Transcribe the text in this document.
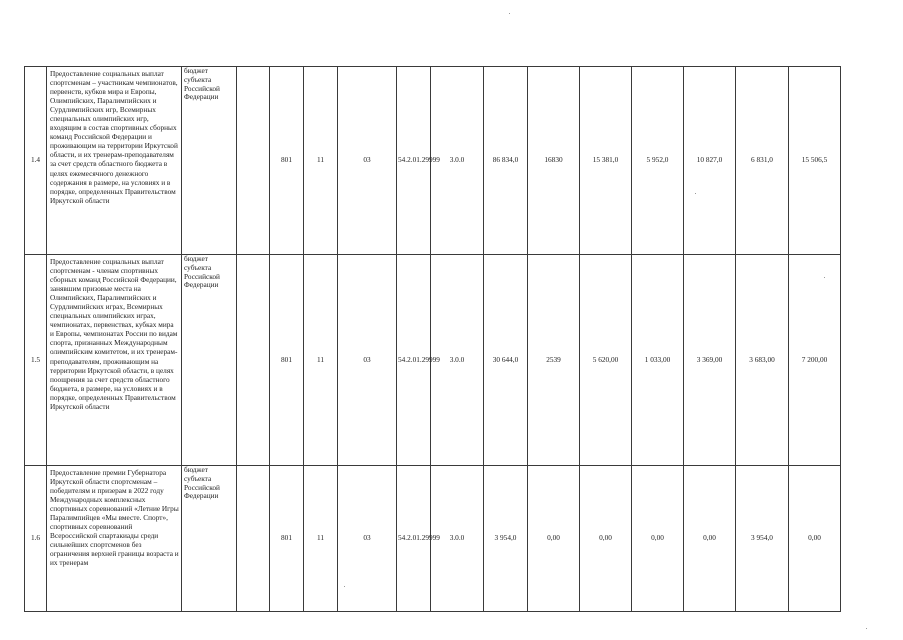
1.4	Предоставление социальных выплат спортсменам – участникам чемпионатов, первенств, кубков мира и Европы, Олимпийских, Паралимпийских и Сурдлимпийских игр, Всемирных специальных олимпийских игр, входящим в состав спортивных сборных команд Российской Федерации и проживающим на территории Иркутской области, и их тренерам-преподавателям за счет средств областного бюджета в целях ежемесячного денежного содержания в размере, на условиях и в порядке, определенных Правительством Иркутской области	бюджет субъекта Российской Федерации		801	11	03	54.2.01.29999	3.0.0	86 834,0	16830	15 381,0	5 952,0	10 827,0	6 831,0	15 506,5	
1.5	Предоставление социальных выплат спортсменам - членам спортивных сборных команд Российской Федерации, занявшим призовые места на Олимпийских, Паралимпийских и Сурдлимпийских играх, Всемирных специальных олимпийских играх, чемпионатах, первенствах, кубках мира и Европы, чемпионатах России по видам спорта, признанных Международным олимпийским комитетом, и их тренерам-преподавателям, проживающим на территории Иркутской области, в целях поощрения за счет средств областного бюджета, в размере, на условиях и в порядке, определенных Правительством Иркутской области	бюджет субъекта Российской Федерации		801	11	03	54.2.01.29999	3.0.0	30 644,0	2539	5 620,00	1 033,00	3 369,00	3 683,00	7 200,00	
1.6	Предоставление премии Губернатора Иркутской области спортсменам – победителям и призерам в 2022 году Международных комплексных спортивных соревнований «Летние Игры Паралимпийцев «Мы вместе. Спорт», спортивных соревнований Всероссийской спартакиады среди сильнейших спортсменов без ограничения верхней границы возраста и их тренерам	бюджет субъекта Российской Федерации		801	11	03	54.2.01.29999	3.0.0	3 954,0	0,00	0,00	0,00	0,00	3 954,0	0,00	
